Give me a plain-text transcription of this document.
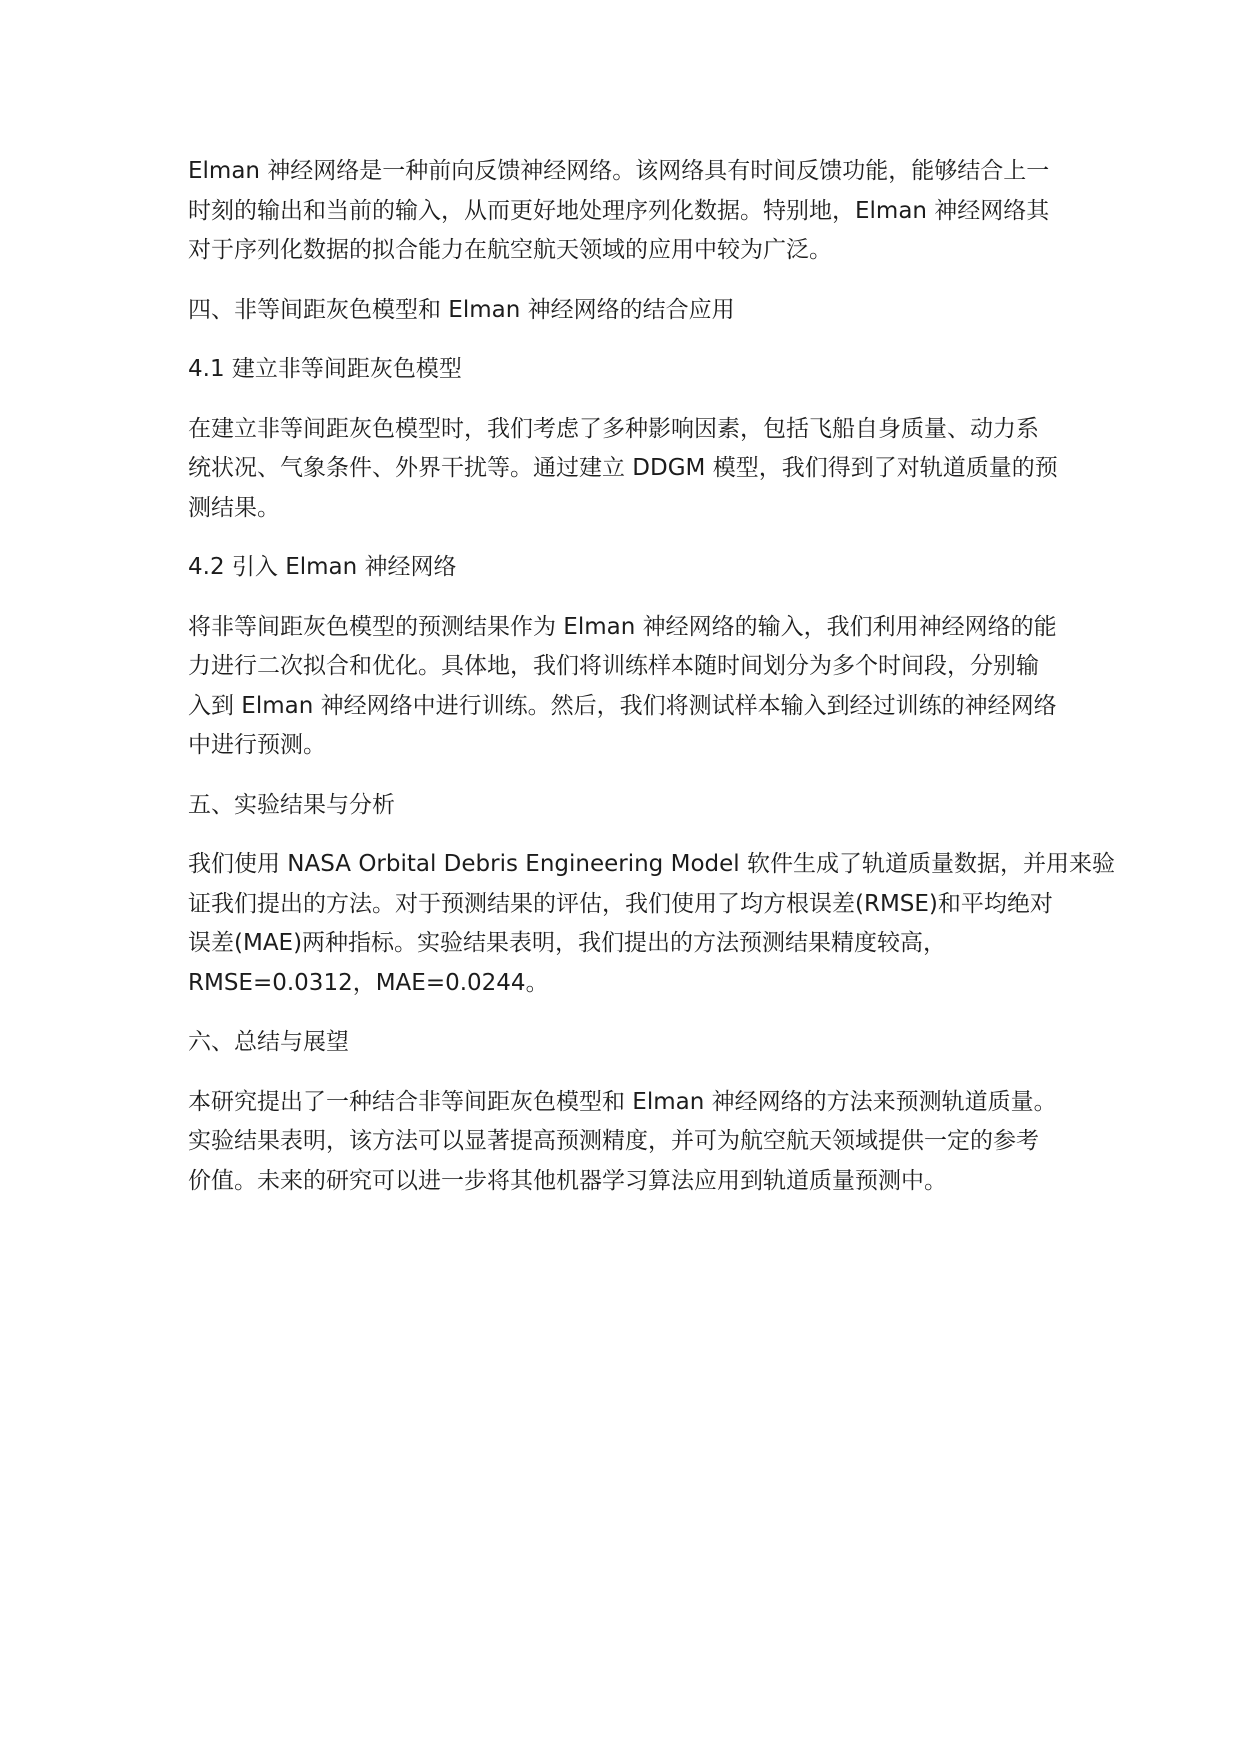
Elman 神经网络是一种前向反馈神经网络。该网络具有时间反馈功能，能够结合上一
时刻的输出和当前的输入，从而更好地处理序列化数据。特别地，Elman 神经网络其
对于序列化数据的拟合能力在航空航天领域的应用中较为广泛。

四、非等间距灰色模型和 Elman 神经网络的结合应用

4.1 建立非等间距灰色模型

在建立非等间距灰色模型时，我们考虑了多种影响因素，包括飞船自身质量、动力系
统状况、气象条件、外界干扰等。通过建立 DDGM 模型，我们得到了对轨道质量的预
测结果。

4.2 引入 Elman 神经网络

将非等间距灰色模型的预测结果作为 Elman 神经网络的输入，我们利用神经网络的能
力进行二次拟合和优化。具体地，我们将训练样本随时间划分为多个时间段，分别输
入到 Elman 神经网络中进行训练。然后，我们将测试样本输入到经过训练的神经网络
中进行预测。

五、实验结果与分析

我们使用 NASA Orbital Debris Engineering Model 软件生成了轨道质量数据，并用来验
证我们提出的方法。对于预测结果的评估，我们使用了均方根误差(RMSE)和平均绝对
误差(MAE)两种指标。实验结果表明，我们提出的方法预测结果精度较高，
RMSE=0.0312，MAE=0.0244。

六、总结与展望

本研究提出了一种结合非等间距灰色模型和 Elman 神经网络的方法来预测轨道质量。
实验结果表明，该方法可以显著提高预测精度，并可为航空航天领域提供一定的参考
价值。未来的研究可以进一步将其他机器学习算法应用到轨道质量预测中。
